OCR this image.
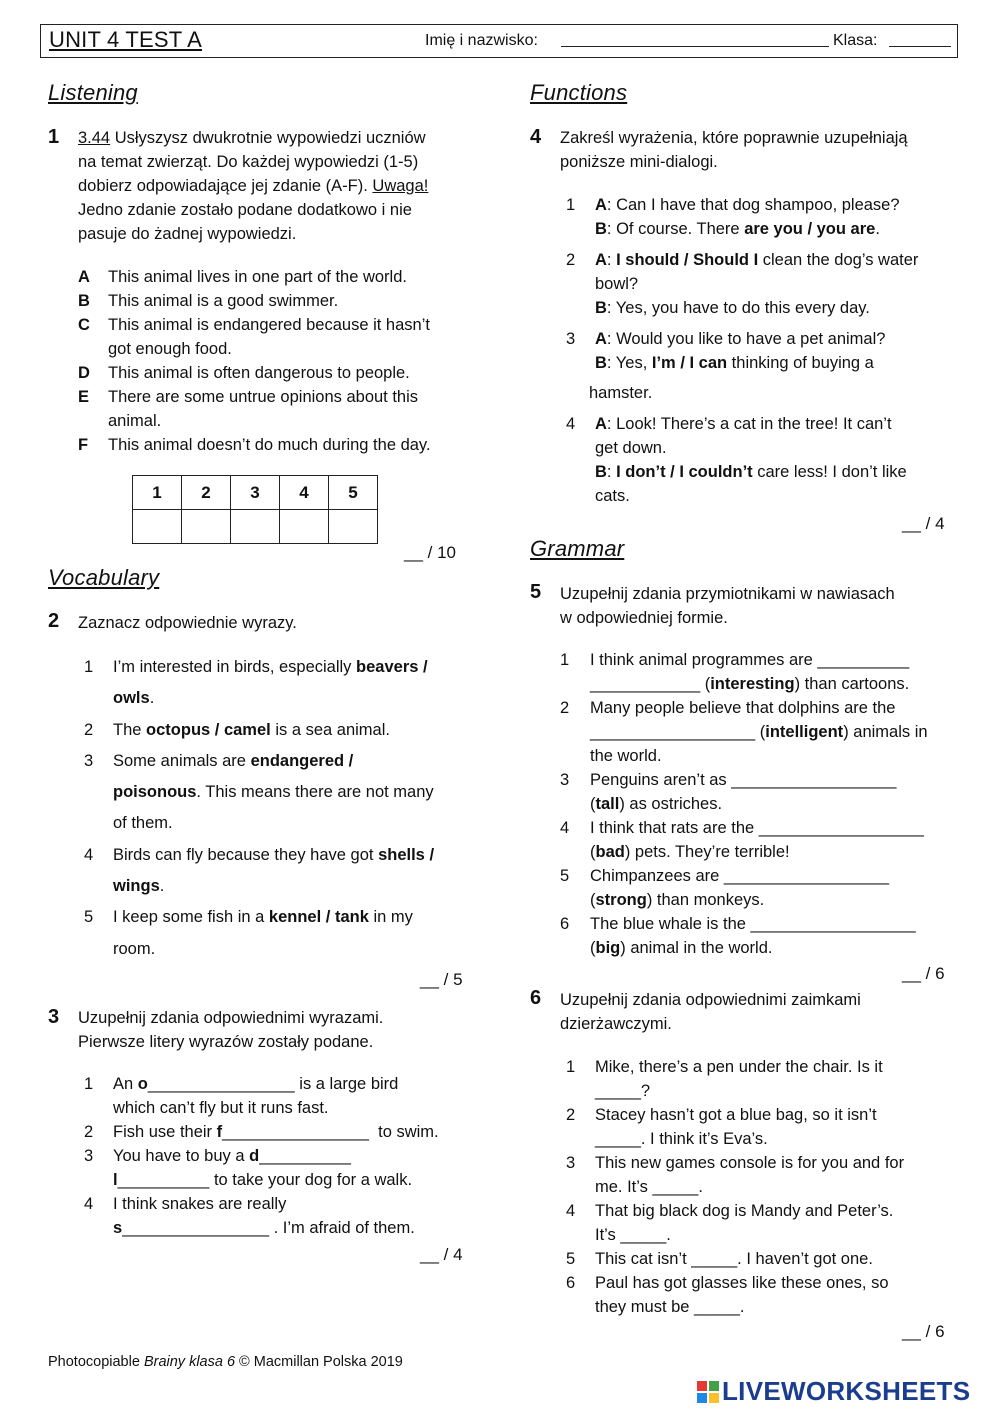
UNIT 4 TEST A	Imię i nazwisko:	Klasa:
Listening
1 3.44 Usłyszysz dwukrotnie wypowiedzi uczniów
na temat zwierząt. Do każdej wypowiedzi (1-5)
dobierz odpowiadające jej zdanie (A-F). Uwaga!
Jedno zdanie zostało podane dodatkowo i nie
pasuje do żadnej wypowiedzi.
A	This animal lives in one part of the world.
B	This animal is a good swimmer.
C	This animal is endangered because it hasn’t
got enough food.
D	This animal is often dangerous to people.
E	There are some untrue opinions about this
animal.
F	This animal doesn’t do much during the day.
1	2	3	4	5

__ / 10
Vocabulary
2 Zaznacz odpowiednie wyrazy.
1	I’m interested in birds, especially beavers /
owls.
2	The octopus / camel is a sea animal.
3	Some animals are endangered /
poisonous. This means there are not many
of them.
4	Birds can fly because they have got shells /
wings.
5	I keep some fish in a kennel / tank in my
room.
__ / 5
3 Uzupełnij zdania odpowiednimi wyrazami.
Pierwsze litery wyrazów zostały podane.
1	An o________________ is a large bird
which can’t fly but it runs fast.
2	Fish use their f________________  to swim.
3	You have to buy a d__________
l__________ to take your dog for a walk.
4	I think snakes are really
s________________ . I’m afraid of them.
__ / 4
Functions
4 Zakreśl wyrażenia, które poprawnie uzupełniają
poniższe mini-dialogi.
1	A: Can I have that dog shampoo, please?
B: Of course. There are you / you are.
2	A: I should / Should I clean the dog’s water
bowl?
B: Yes, you have to do this every day.
3	A: Would you like to have a pet animal?
B: Yes, I’m / I can thinking of buying a
hamster.
4	A: Look! There’s a cat in the tree! It can’t
get down.
B: I don’t / I couldn’t care less! I don’t like
cats.
__ / 4
Grammar
5 Uzupełnij zdania przymiotnikami w nawiasach
w odpowiedniej formie.
1	I think animal programmes are __________
____________ (interesting) than cartoons.
2	Many people believe that dolphins are the
__________________ (intelligent) animals in
the world.
3	Penguins aren’t as __________________
(tall) as ostriches.
4	I think that rats are the __________________
(bad) pets. They’re terrible!
5	Chimpanzees are __________________
(strong) than monkeys.
6	The blue whale is the __________________
(big) animal in the world.
__ / 6
6 Uzupełnij zdania odpowiednimi zaimkami
dzierżawczymi.
1	Mike, there’s a pen under the chair. Is it
_____?
2	Stacey hasn’t got a blue bag, so it isn’t
_____. I think it’s Eva’s.
3	This new games console is for you and for
me. It’s _____.
4	That big black dog is Mandy and Peter’s.
It’s _____.
5	This cat isn’t _____. I haven’t got one.
6	Paul has got glasses like these ones, so
they must be _____.
__ / 6
Photocopiable Brainy klasa 6 © Macmillan Polska 2019
LIVEWORKSHEETS
